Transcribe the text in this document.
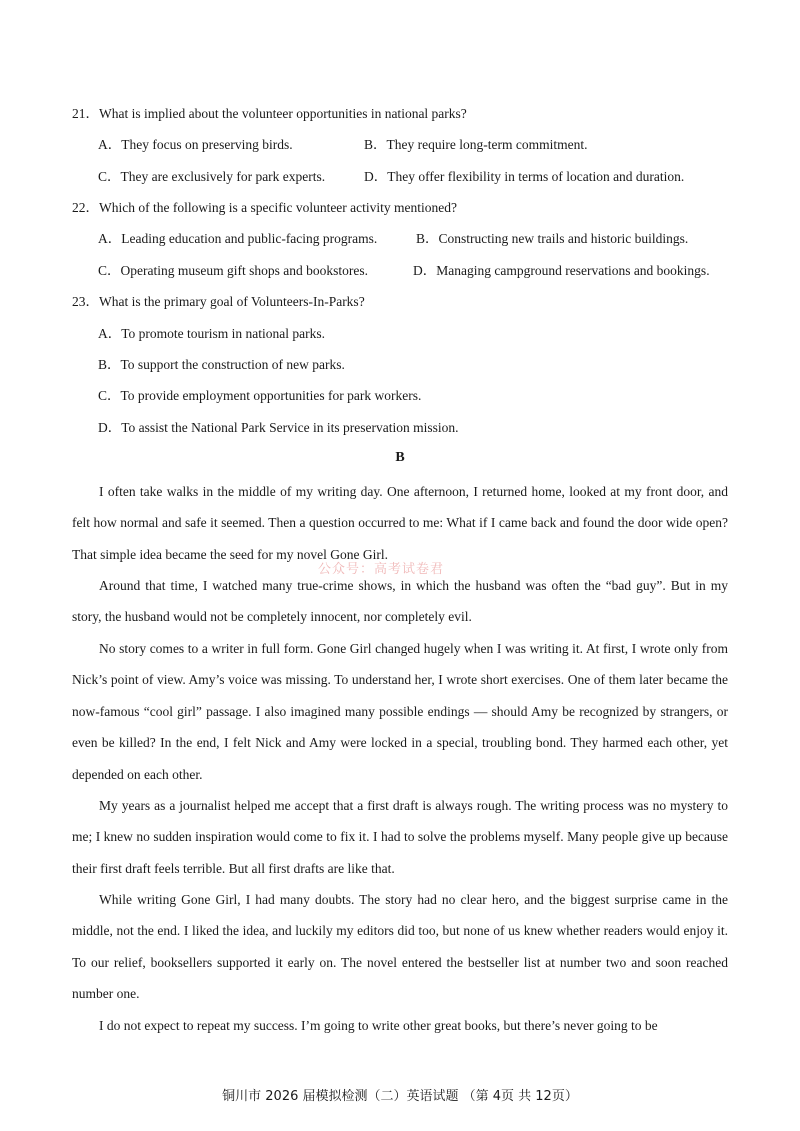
21．What is implied about the volunteer opportunities in national parks?
A．They focus on preserving birds.	B．They require long-term commitment.
C．They are exclusively for park experts.	D．They offer flexibility in terms of location and duration.
22．Which of the following is a specific volunteer activity mentioned?
A．Leading education and public-facing programs.	B．Constructing new trails and historic buildings.
C．Operating museum gift shops and bookstores.	D．Managing campground reservations and bookings.
23．What is the primary goal of Volunteers-In-Parks?
A．To promote tourism in national parks.
B．To support the construction of new parks.
C．To provide employment opportunities for park workers.
D．To assist the National Park Service in its preservation mission.
B
I often take walks in the middle of my writing day. One afternoon, I returned home, looked at my front door, and felt how normal and safe it seemed. Then a question occurred to me: What if I came back and found the door wide open? That simple idea became the seed for my novel Gone Girl.
公众号：高考试卷君
Around that time, I watched many true-crime shows, in which the husband was often the “bad guy”. But in my story, the husband would not be completely innocent, nor completely evil.
No story comes to a writer in full form. Gone Girl changed hugely when I was writing it. At first, I wrote only from Nick’s point of view. Amy’s voice was missing. To understand her, I wrote short exercises. One of them later became the now-famous “cool girl” passage. I also imagined many possible endings — should Amy be recognized by strangers, or even be killed? In the end, I felt Nick and Amy were locked in a special, troubling bond. They harmed each other, yet depended on each other.
My years as a journalist helped me accept that a first draft is always rough. The writing process was no mystery to me; I knew no sudden inspiration would come to fix it. I had to solve the problems myself. Many people give up because their first draft feels terrible. But all first drafts are like that.
While writing Gone Girl, I had many doubts. The story had no clear hero, and the biggest surprise came in the middle, not the end. I liked the idea, and luckily my editors did too, but none of us knew whether readers would enjoy it. To our relief, booksellers supported it early on. The novel entered the bestseller list at number two and soon reached number one.
I do not expect to repeat my success. I’m going to write other great books, but there’s never going to be
铜川市 2026 届模拟检测（二）英语试题 （第 4页 共 12页）
